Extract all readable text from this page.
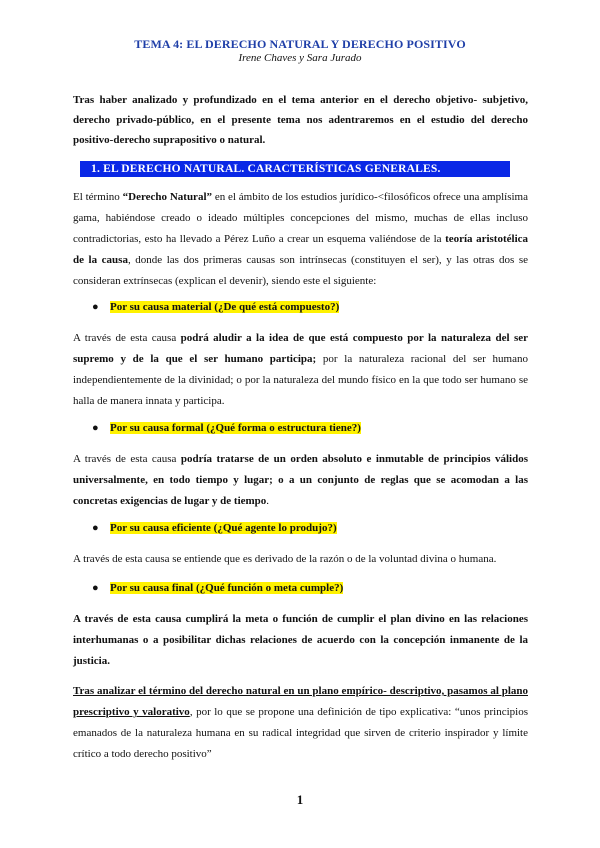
TEMA 4: EL DERECHO NATURAL Y DERECHO POSITIVO
Irene Chaves y Sara Jurado
Tras haber analizado y profundizado en el tema anterior en el derecho objetivo- subjetivo, derecho privado-público, en el presente tema nos adentraremos en el estudio del derecho positivo-derecho suprapositivo o natural.
1. EL DERECHO NATURAL. CARACTERÍSTICAS GENERALES.
El término “Derecho Natural” en el ámbito de los estudios jurídico-<filosóficos ofrece una amplísima gama, habiéndose creado o ideado múltiples concepciones del mismo, muchas de ellas incluso contradictorias, esto ha llevado a Pérez Luño a crear un esquema valiéndose de la teoría aristotélica de la causa, donde las dos primeras causas son intrínsecas (constituyen el ser), y las otras dos se consideran extrínsecas (explican el devenir), siendo este el siguiente:
● Por su causa material (¿De qué está compuesto?)
A través de esta causa podrá aludir a la idea de que está compuesto por la naturaleza del ser supremo y de la que el ser humano participa; por la naturaleza racional del ser humano independientemente de la divinidad; o por la naturaleza del mundo físico en la que todo ser humano se halla de manera innata y participa.
● Por su causa formal (¿Qué forma o estructura tiene?)
A través de esta causa podría tratarse de un orden absoluto e inmutable de principios válidos universalmente, en todo tiempo y lugar; o a un conjunto de reglas que se acomodan a las concretas exigencias de lugar y de tiempo.
● Por su causa eficiente (¿Qué agente lo produjo?)
A través de esta causa se entiende que es derivado de la razón o de la voluntad divina o humana.
● Por su causa final (¿Qué función o meta cumple?)
A través de esta causa cumplirá la meta o función de cumplir el plan divino en las relaciones interhumanas o a posibilitar dichas relaciones de acuerdo con la concepción inmanente de la justicia.
Tras analizar el término del derecho natural en un plano empírico- descriptivo, pasamos al plano prescriptivo y valorativo, por lo que se propone una definición de tipo explicativa: “unos principios emanados de la naturaleza humana en su radical integridad que sirven de criterio inspirador y límite crítico a todo derecho positivo”
1
